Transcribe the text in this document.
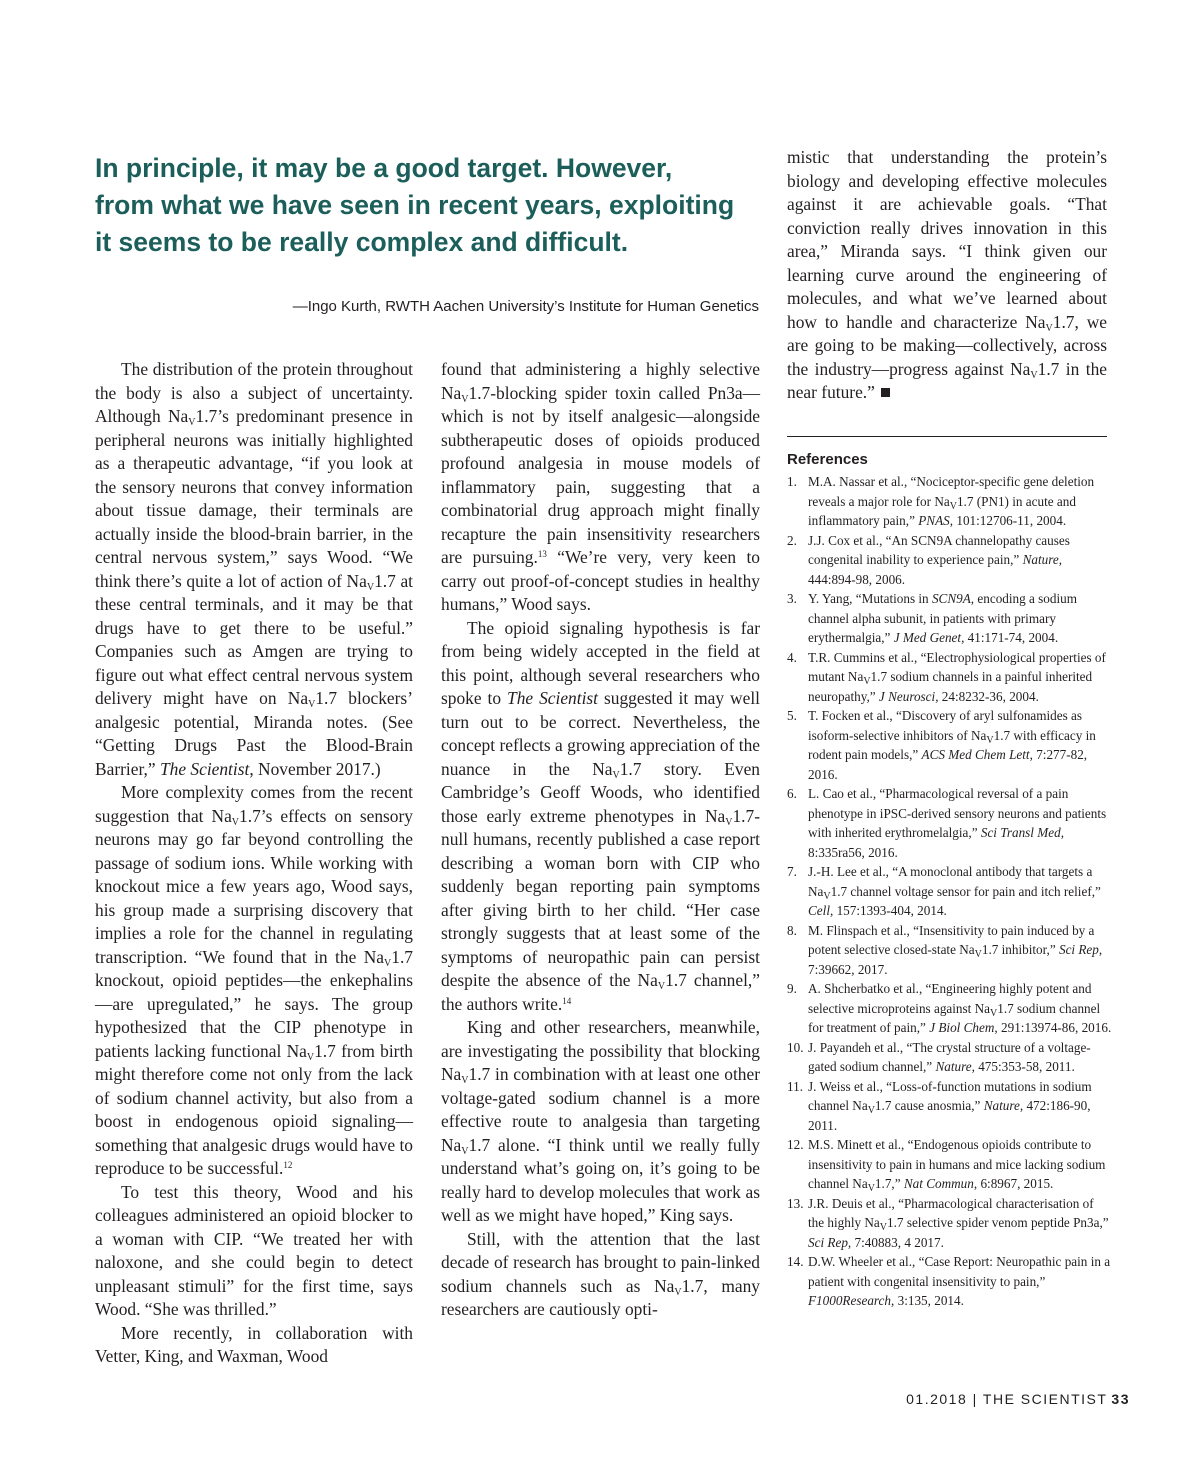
In principle, it may be a good target. However, from what we have seen in recent years, exploiting it seems to be really complex and difficult.
—Ingo Kurth, RWTH Aachen University’s Institute for Human Genetics

The distribution of the protein throughout the body is also a subject of uncertainty. Although $Na_V1.7’s$ predominant presence in peripheral neurons was initially highlighted as a therapeutic advantage, “if you look at the sensory neurons that convey information about tissue damage, their terminals are actually inside the blood-brain barrier, in the central nervous system,” says Wood. “We think there’s quite a lot of action of $Na_V1.7$ at these central terminals, and it may be that drugs have to get there to be useful.” Companies such as Amgen are trying to figure out what effect central nervous system delivery might have on $Na_V1.7$ blockers’ analgesic potential, Miranda notes. (See “Getting Drugs Past the Blood-Brain Barrier,” The Scientist, November 2017.)

More complexity comes from the recent suggestion that $Na_V1.7’s$ effects on sensory neurons may go far beyond controlling the passage of sodium ions. While working with knockout mice a few years ago, Wood says, his group made a surprising discovery that implies a role for the channel in regulating transcription. “We found that in the $Na_V1.7$ knockout, opioid peptides—the enkephalins—are upregulated,” he says. The group hypothesized that the CIP phenotype in patients lacking functional $Na_V1.7$ from birth might therefore come not only from the lack of sodium channel activity, but also from a boost in endogenous opioid signaling—something that analgesic drugs would have to reproduce to be successful.$^{12}$

To test this theory, Wood and his colleagues administered an opioid blocker to a woman with CIP. “We treated her with naloxone, and she could begin to detect unpleasant stimuli” for the first time, says Wood. “She was thrilled.”

More recently, in collaboration with Vetter, King, and Waxman, Wood

found that administering a highly selective $Na_V1.7$-blocking spider toxin called Pn3a—which is not by itself analgesic—alongside subtherapeutic doses of opioids produced profound analgesia in mouse models of inflammatory pain, suggesting that a combinatorial drug approach might finally recapture the pain insensitivity researchers are pursuing.$^{13}$ “We’re very, very keen to carry out proof-of-concept studies in healthy humans,” Wood says.

The opioid signaling hypothesis is far from being widely accepted in the field at this point, although several researchers who spoke to The Scientist suggested it may well turn out to be correct. Nevertheless, the concept reflects a growing appreciation of the nuance in the $Na_V1.7$ story. Even Cambridge’s Geoff Woods, who identified those early extreme phenotypes in $Na_V1.7$-null humans, recently published a case report describing a woman born with CIP who suddenly began reporting pain symptoms after giving birth to her child. “Her case strongly suggests that at least some of the symptoms of neuropathic pain can persist despite the absence of the $Na_V1.7$ channel,” the authors write.$^{14}$

King and other researchers, meanwhile, are investigating the possibility that blocking $Na_V1.7$ in combination with at least one other voltage-gated sodium channel is a more effective route to analgesia than targeting $Na_V1.7$ alone. “I think until we really fully understand what’s going on, it’s going to be really hard to develop molecules that work as well as we might have hoped,” King says.

Still, with the attention that the last decade of research has brought to pain-linked sodium channels such as $Na_V1.7$, many researchers are cautiously opti-

mistic that understanding the protein’s biology and developing effective molecules against it are achievable goals. “That conviction really drives innovation in this area,” Miranda says. “I think given our learning curve around the engineering of molecules, and what we’ve learned about how to handle and characterize $Na_V1.7$, we are going to be making—collectively, across the industry—progress against $Na_V1.7$ in the near future.”

References
1. M.A. Nassar et al., “Nociceptor-specific gene deletion reveals a major role for $Na_V1.7$ (PN1) in acute and inflammatory pain,” PNAS, 101:12706-11, 2004.
2. J.J. Cox et al., “An SCN9A channelopathy causes congenital inability to experience pain,” Nature, 444:894-98, 2006.
3. Y. Yang, “Mutations in SCN9A, encoding a sodium channel alpha subunit, in patients with primary erythermalgia,” J Med Genet, 41:171-74, 2004.
4. T.R. Cummins et al., “Electrophysiological properties of mutant $Na_V1.7$ sodium channels in a painful inherited neuropathy,” J Neurosci, 24:8232-36, 2004.
5. T. Focken et al., “Discovery of aryl sulfonamides as isoform-selective inhibitors of $Na_V1.7$ with efficacy in rodent pain models,” ACS Med Chem Lett, 7:277-82, 2016.
6. L. Cao et al., “Pharmacological reversal of a pain phenotype in iPSC-derived sensory neurons and patients with inherited erythromelalgia,” Sci Transl Med, 8:335ra56, 2016.
7. J.-H. Lee et al., “A monoclonal antibody that targets a $Na_V1.7$ channel voltage sensor for pain and itch relief,” Cell, 157:1393-404, 2014.
8. M. Flinspach et al., “Insensitivity to pain induced by a potent selective closed-state $Na_V1.7$ inhibitor,” Sci Rep, 7:39662, 2017.
9. A. Shcherbatko et al., “Engineering highly potent and selective microproteins against $Na_V1.7$ sodium channel for treatment of pain,” J Biol Chem, 291:13974-86, 2016.
10. J. Payandeh et al., “The crystal structure of a voltage-gated sodium channel,” Nature, 475:353-58, 2011.
11. J. Weiss et al., “Loss-of-function mutations in sodium channel $Na_V1.7$ cause anosmia,” Nature, 472:186-90, 2011.
12. M.S. Minett et al., “Endogenous opioids contribute to insensitivity to pain in humans and mice lacking sodium channel $Na_V1.7$,” Nat Commun, 6:8967, 2015.
13. J.R. Deuis et al., “Pharmacological characterisation of the highly $Na_V1.7$ selective spider venom peptide Pn3a,” Sci Rep, 7:40883, 4 2017.
14. D.W. Wheeler et al., “Case Report: Neuropathic pain in a patient with congenital insensitivity to pain,” F1000Research, 3:135, 2014.
01.2018 | THE SCIENTIST 33
